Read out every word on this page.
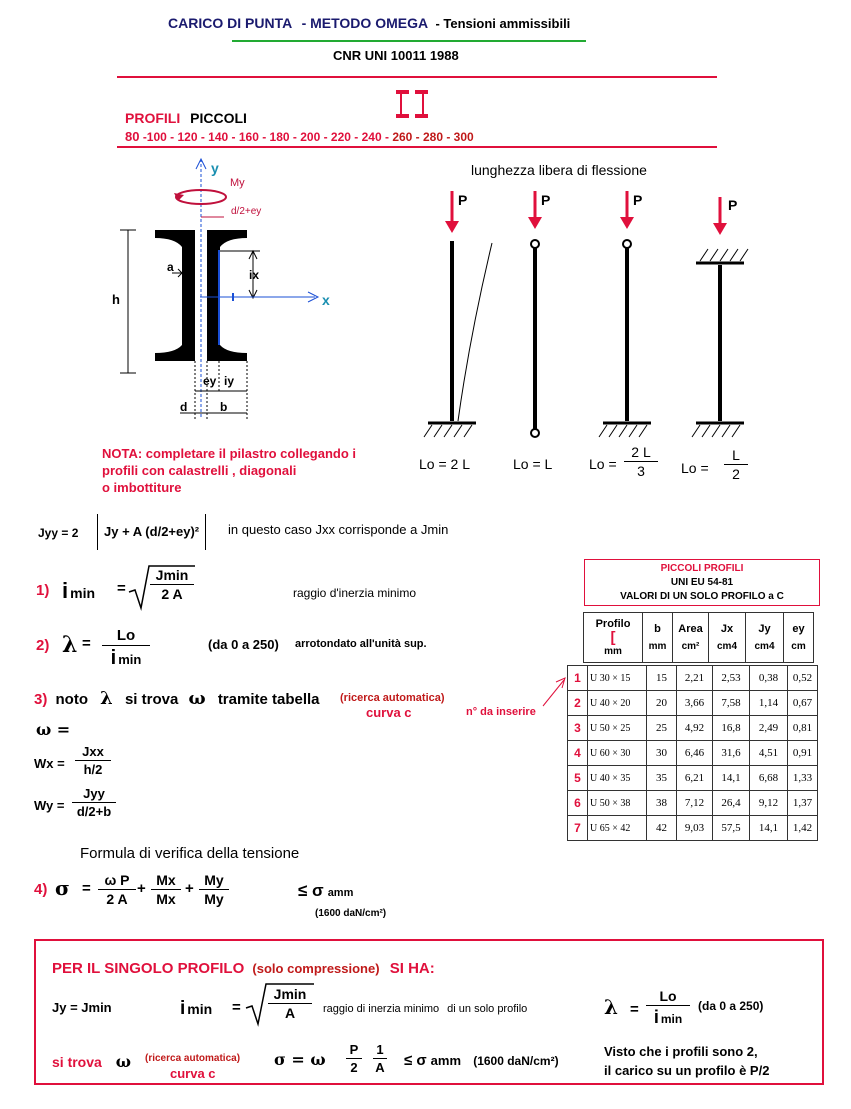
CARICO DI PUNTA - METODO OMEGA - Tensioni ammissibili
CNR UNI 10011 1988
PROFILI PICCOLI
80 -100 - 120 - 140 - 160 - 180 - 200 - 220 - 240 - 260 - 280 - 300
y
My
d/2+ey
a
ix
h	x
ey iy
d	b
lunghezza libera di flessione
P	P	P	P
Lo = 2 L	Lo = L	Lo =
2 L
3	Lo =
L
2
NOTA: completare il pilastro collegando i
profili con calastrelli , diagonali
o imbottiture
Jyy = 2	Jy + A (d/2+ey)²	in questo caso Jxx corrisponde a Jmin
1) imin =
Jmin
2 A	raggio d'inerzia minimo
2) λ =	Lo
imin
(da 0 a 250) arrotondato all'unità sup.
3) noto λ si trova ω tramite tabella (ricerca automatica)
curva c
ω =
Wx =
Jxx
h/2
Wy =
Jyy
d/2+b
Formula di verifica della tensione
4) σ = ω P
2 A
+ Mx
Mx
+ My
My	≤ σ amm
(1600 daN/cm²)
PICCOLI PROFILI
UNI EU 54-81
VALORI DI UN SOLO PROFILO a C
Profilo
[
mm

b
mm

Area
cm²

Jx
cm4

Jy
cm4

ey
cm
1	U 30 × 15	15	2,21	2,53	0,38	0,52
2	U 40 × 20	20	3,66	7,58	1,14	0,67
3	U 50 × 25	25	4,92	16,8	2,49	0,81
4	U 60 × 30	30	6,46	31,6	4,51	0,91
5	U 40 × 35	35	6,21	14,1	6,68	1,33
6	U 50 × 38	38	7,12	26,4	9,12	1,37
7	U 65 × 42	42	9,03	57,5	14,1	1,42
n° da inserire
PER IL SINGOLO PROFILO (solo compressione) SI HA:
Jy = Jmin	i min =
Jmin
A	raggio di inerzia minimo di un solo profilo	λ =
Lo
imin
(da 0 a 250)
si trova ω (ricerca automatica)
curva c
σ = ω
P
2
1
A ≤ σ amm (1600 daN/cm²)
Visto che i profili sono 2,
il carico su un profilo è P/2
